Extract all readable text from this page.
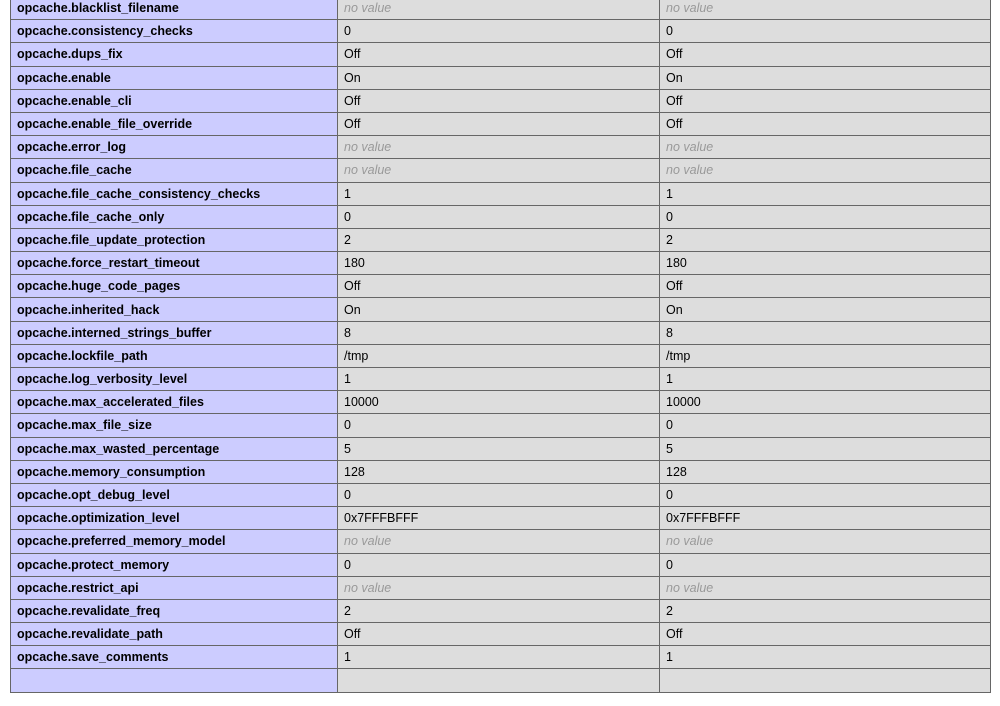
opcache.blacklist_filename	no value	no value
opcache.consistency_checks	0	0
opcache.dups_fix	Off	Off
opcache.enable	On	On
opcache.enable_cli	Off	Off
opcache.enable_file_override	Off	Off
opcache.error_log	no value	no value
opcache.file_cache	no value	no value
opcache.file_cache_consistency_checks	1	1
opcache.file_cache_only	0	0
opcache.file_update_protection	2	2
opcache.force_restart_timeout	180	180
opcache.huge_code_pages	Off	Off
opcache.inherited_hack	On	On
opcache.interned_strings_buffer	8	8
opcache.lockfile_path	/tmp	/tmp
opcache.log_verbosity_level	1	1
opcache.max_accelerated_files	10000	10000
opcache.max_file_size	0	0
opcache.max_wasted_percentage	5	5
opcache.memory_consumption	128	128
opcache.opt_debug_level	0	0
opcache.optimization_level	0x7FFFBFFF	0x7FFFBFFF
opcache.preferred_memory_model	no value	no value
opcache.protect_memory	0	0
opcache.restrict_api	no value	no value
opcache.revalidate_freq	2	2
opcache.revalidate_path	Off	Off
opcache.save_comments	1	1
